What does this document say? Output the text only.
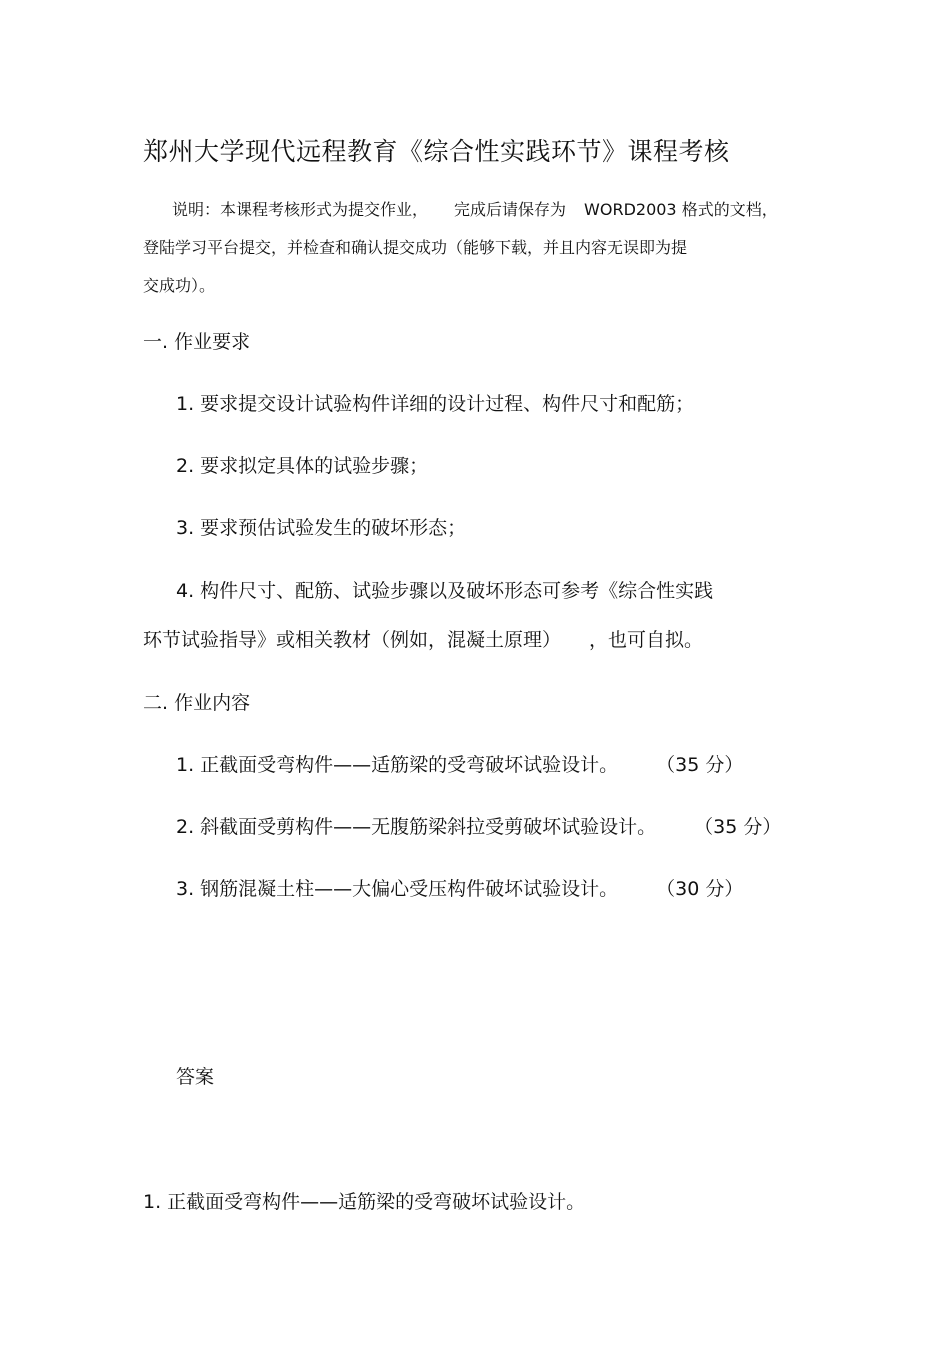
郑州大学现代远程教育《综合性实践环节》课程考核
说明：本课程考核形式为提交作业， 完成后请保存为 WORD2003 格式的文档，
登陆学习平台提交，并检查和确认提交成功（能够下载，并且内容无误即为提
交成功）。
一. 作业要求
1. 要求提交设计试验构件详细的设计过程、构件尺寸和配筋；
2. 要求拟定具体的试验步骤；
3. 要求预估试验发生的破坏形态；
4. 构件尺寸、配筋、试验步骤以及破坏形态可参考《综合性实践
环节试验指导》或相关教材（例如，混凝土原理） ，也可自拟。
二. 作业内容
1. 正截面受弯构件——适筋梁的受弯破坏试验设计。 （35 分）
2. 斜截面受剪构件——无腹筋梁斜拉受剪破坏试验设计。 （35 分）
3. 钢筋混凝土柱——大偏心受压构件破坏试验设计。 （30 分）
答案
1. 正截面受弯构件——适筋梁的受弯破坏试验设计。
